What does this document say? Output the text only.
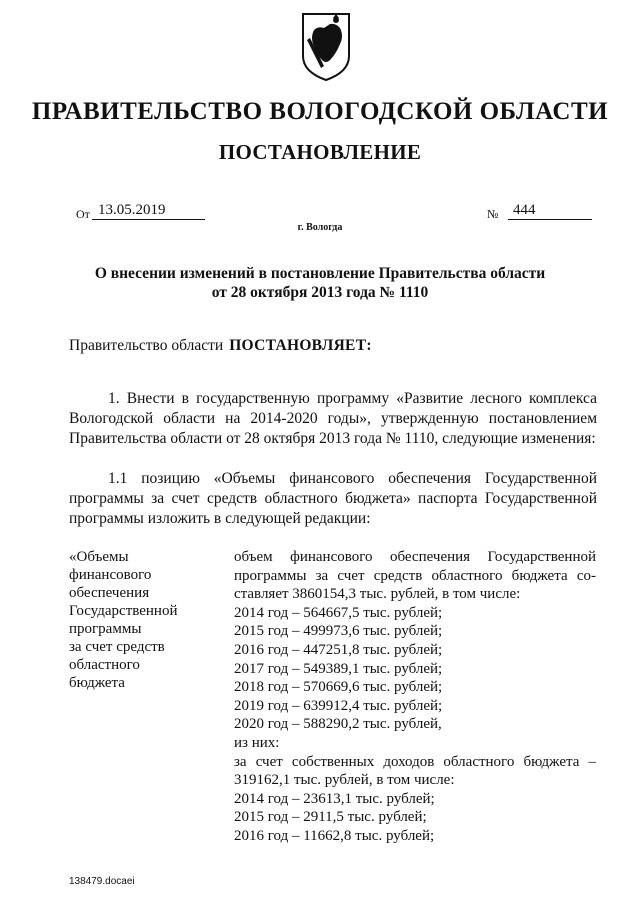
ПРАВИТЕЛЬСТВО ВОЛОГОДСКОЙ ОБЛАСТИ
ПОСТАНОВЛЕНИЕ
От 13.05.2019	№ 444
г. Вологда
О внесении изменений в постановление Правительства области
от 28 октября 2013 года № 1110
Правительство области ПОСТАНОВЛЯЕТ:
1. Внести в государственную программу «Развитие лесного комплекса Вологодской области на 2014-2020 годы», утвержденную постановлением Правительства области от 28 октября 2013 года № 1110, следующие изменения:
1.1 позицию «Объемы финансового обеспечения Государственной программы за счет средств областного бюджета» паспорта Государственной программы изложить в следующей редакции:
«Объемы
финансового
обеспечения
Государственной
программы
за счет средств
областного
бюджета
объем финансового обеспечения Государственной
программы за счет средств областного бюджета со-
ставляет 3860154,3 тыс. рублей, в том числе:
2014 год – 564667,5 тыс. рублей;
2015 год – 499973,6 тыс. рублей;
2016 год – 447251,8 тыс. рублей;
2017 год – 549389,1 тыс. рублей;
2018 год – 570669,6 тыс. рублей;
2019 год – 639912,4 тыс. рублей;
2020 год – 588290,2 тыс. рублей,
из них:
за счет собственных доходов областного бюджета –
319162,1 тыс. рублей, в том числе:
2014 год – 23613,1 тыс. рублей;
2015 год – 2911,5 тыс. рублей;
2016 год – 11662,8 тыс. рублей;
138479.docaei
